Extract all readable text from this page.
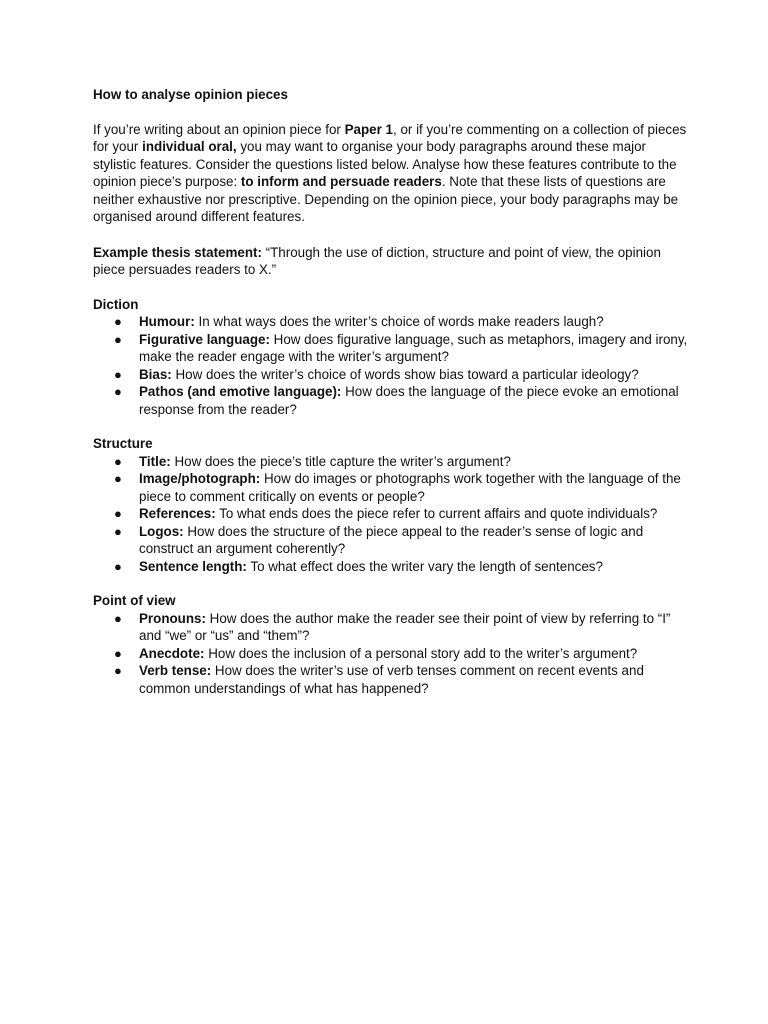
How to analyse opinion pieces

If you’re writing about an opinion piece for Paper 1, or if you’re commenting on a collection of pieces for your individual oral, you may want to organise your body paragraphs around these major stylistic features. Consider the questions listed below. Analyse how these features contribute to the opinion piece’s purpose: to inform and persuade readers. Note that these lists of questions are neither exhaustive nor prescriptive. Depending on the opinion piece, your body paragraphs may be organised around different features.

Example thesis statement: “Through the use of diction, structure and point of view, the opinion piece persuades readers to X.”

Diction

● Humour: In what ways does the writer’s choice of words make readers laugh?
● Figurative language: How does figurative language, such as metaphors, imagery and irony, make the reader engage with the writer’s argument?
● Bias: How does the writer’s choice of words show bias toward a particular ideology?
● Pathos (and emotive language): How does the language of the piece evoke an emotional response from the reader?

Structure

● Title: How does the piece’s title capture the writer’s argument?
● Image/photograph: How do images or photographs work together with the language of the piece to comment critically on events or people?
● References: To what ends does the piece refer to current affairs and quote individuals?
● Logos: How does the structure of the piece appeal to the reader’s sense of logic and construct an argument coherently?
● Sentence length: To what effect does the writer vary the length of sentences?

Point of view

● Pronouns: How does the author make the reader see their point of view by referring to “I” and “we” or “us” and “them”?
● Anecdote: How does the inclusion of a personal story add to the writer’s argument?
● Verb tense: How does the writer’s use of verb tenses comment on recent events and common understandings of what has happened?
